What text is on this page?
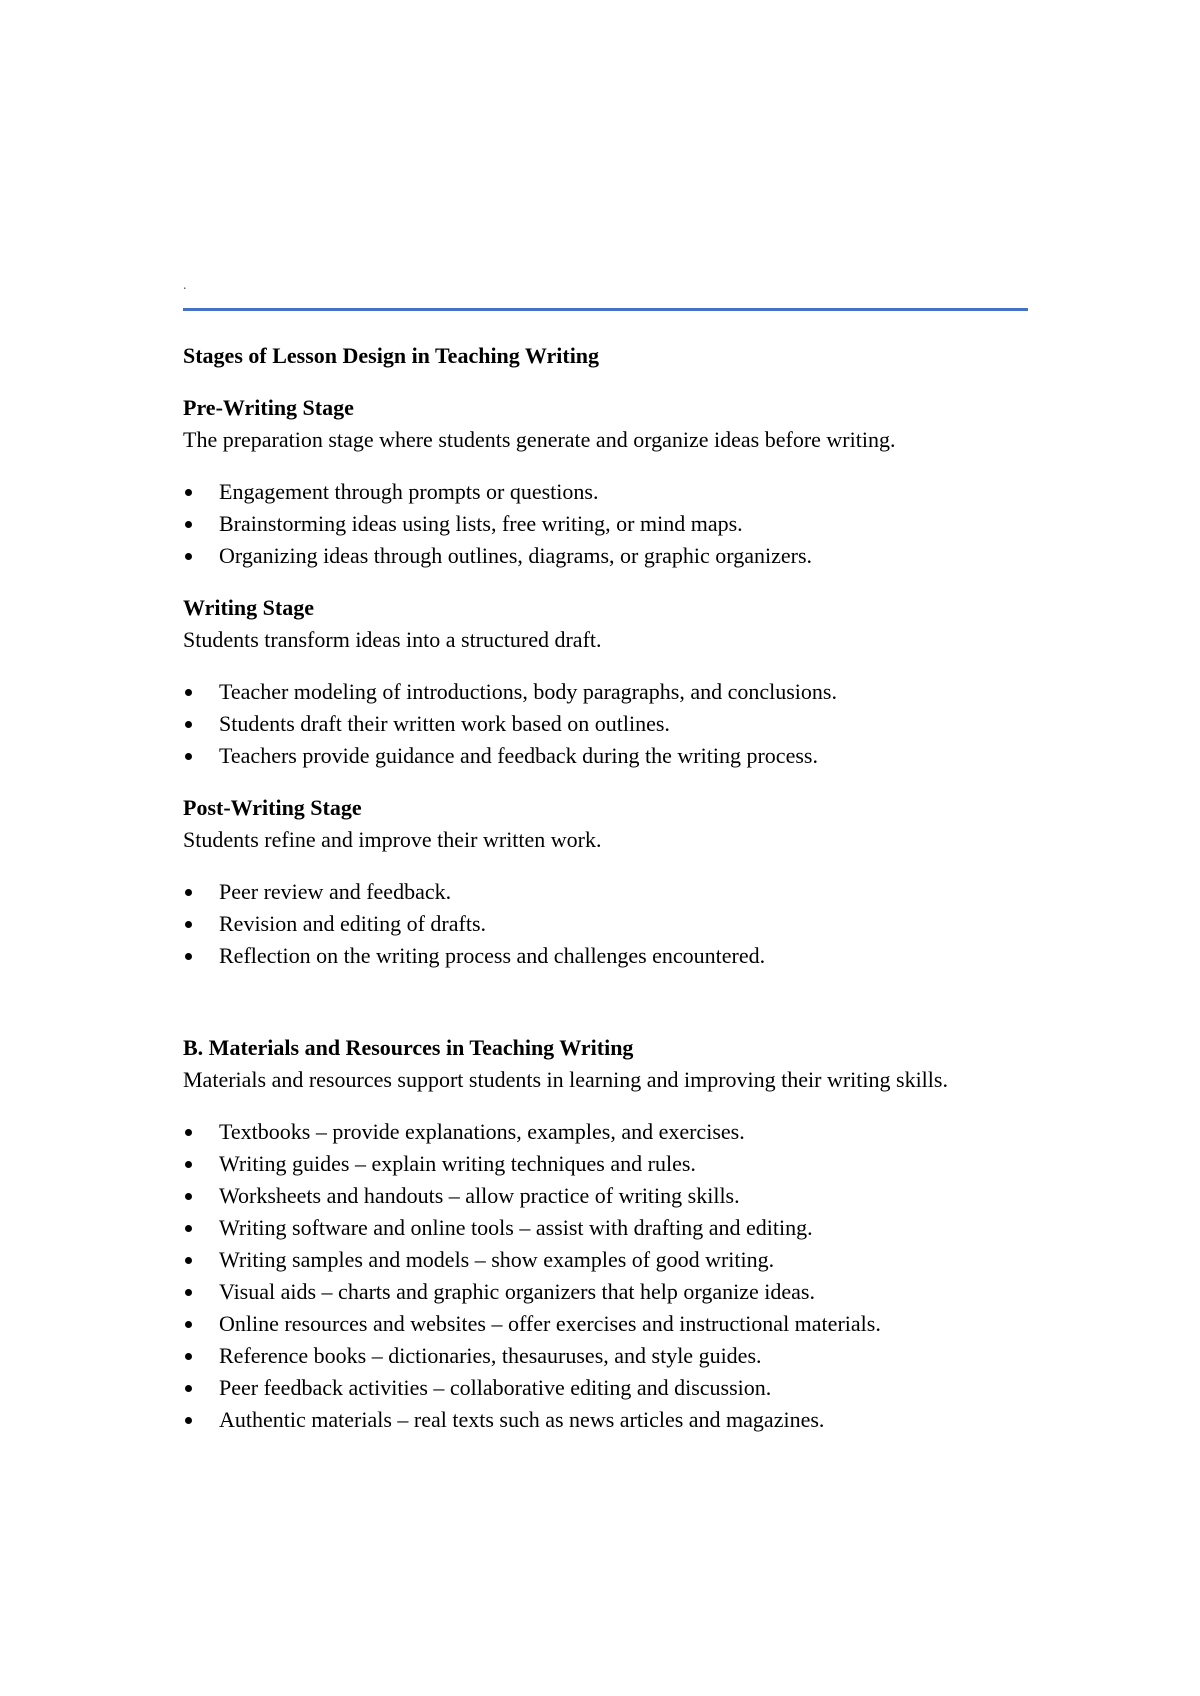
.
Stages of Lesson Design in Teaching Writing
Pre-Writing Stage
The preparation stage where students generate and organize ideas before writing.
Engagement through prompts or questions.
Brainstorming ideas using lists, free writing, or mind maps.
Organizing ideas through outlines, diagrams, or graphic organizers.
Writing Stage
Students transform ideas into a structured draft.
Teacher modeling of introductions, body paragraphs, and conclusions.
Students draft their written work based on outlines.
Teachers provide guidance and feedback during the writing process.
Post-Writing Stage
Students refine and improve their written work.
Peer review and feedback.
Revision and editing of drafts.
Reflection on the writing process and challenges encountered.
B. Materials and Resources in Teaching Writing
Materials and resources support students in learning and improving their writing skills.
Textbooks – provide explanations, examples, and exercises.
Writing guides – explain writing techniques and rules.
Worksheets and handouts – allow practice of writing skills.
Writing software and online tools – assist with drafting and editing.
Writing samples and models – show examples of good writing.
Visual aids – charts and graphic organizers that help organize ideas.
Online resources and websites – offer exercises and instructional materials.
Reference books – dictionaries, thesauruses, and style guides.
Peer feedback activities – collaborative editing and discussion.
Authentic materials – real texts such as news articles and magazines.
